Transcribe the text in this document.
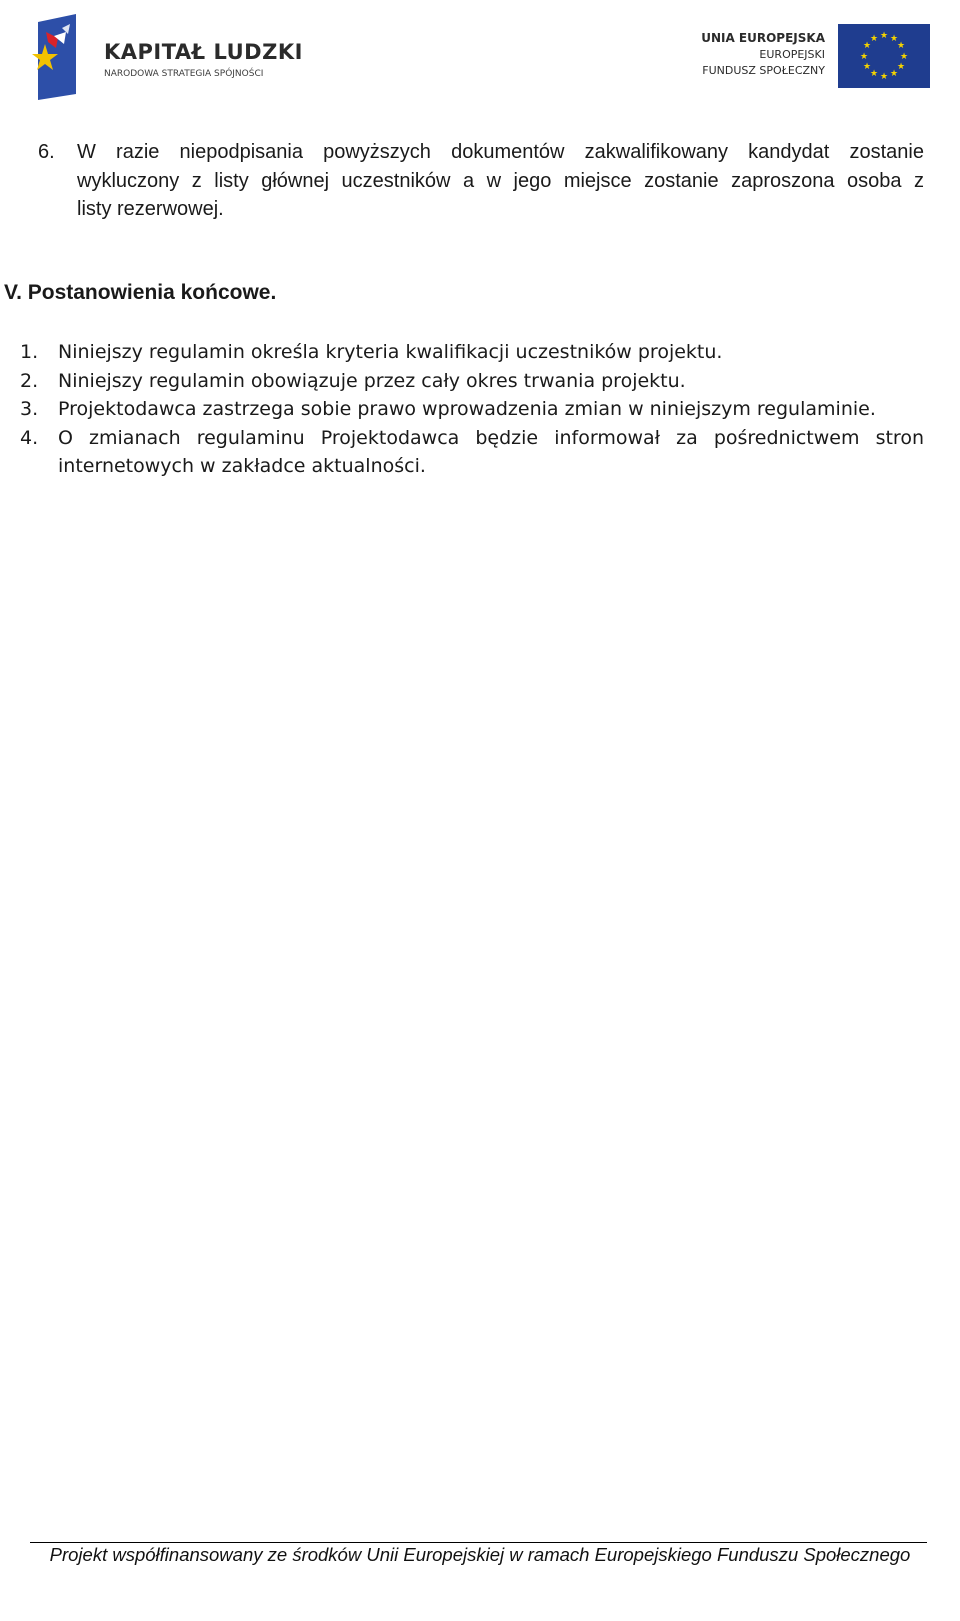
KAPITAŁ LUDZKI
NARODOWA STRATEGIA SPÓJNOŚCI
UNIA EUROPEJSKA
EUROPEJSKI
FUNDUSZ SPOŁECZNY
★ ★
★
★
★
★
★
★
★
★
★
★
6. W razie niepodpisania powyższych dokumentów zakwalifikowany kandydat zostanie
wykluczony z listy głównej uczestników a w jego miejsce zostanie zaproszona osoba z
listy rezerwowej.
V. Postanowienia końcowe.
1. Niniejszy regulamin określa kryteria kwalifikacji uczestników projektu.
2. Niniejszy regulamin obowiązuje przez cały okres trwania projektu.
3. Projektodawca zastrzega sobie prawo wprowadzenia zmian w niniejszym regulaminie.
4. O zmianach regulaminu Projektodawca będzie informował za pośrednictwem stron
internetowych w zakładce aktualności.
Projekt współfinansowany ze środków Unii Europejskiej w ramach Europejskiego Funduszu Społecznego
